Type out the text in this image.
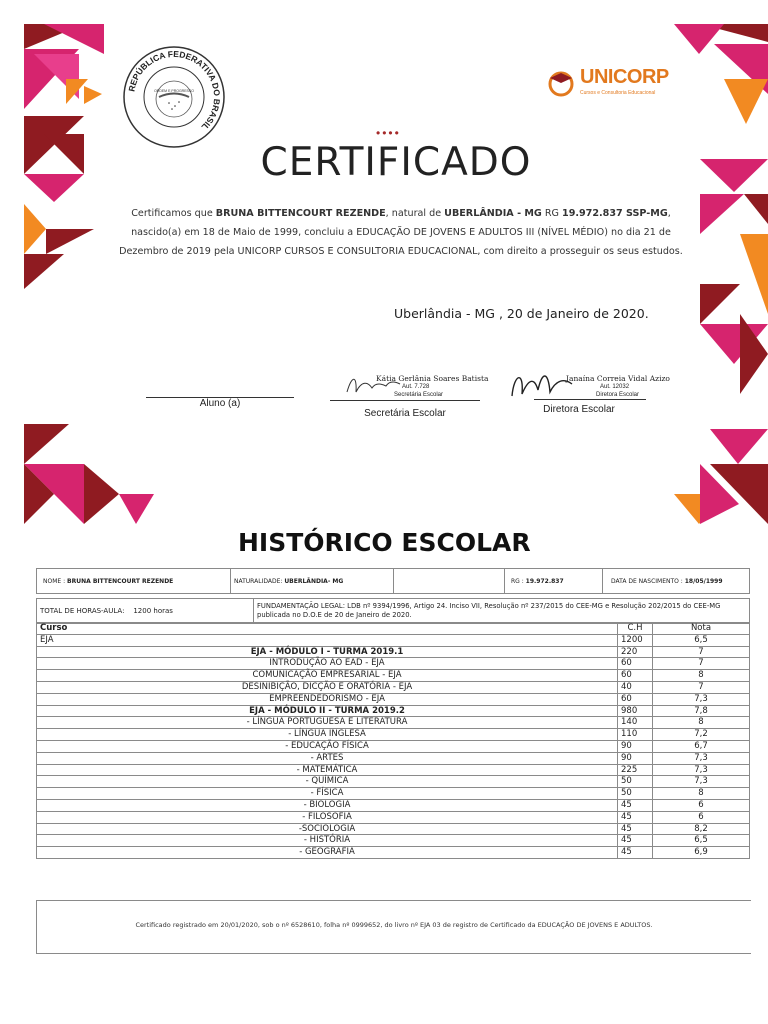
REPÚBLICA FEDERATIVA DO BRASIL
ORDEM E PROGRESSO
UNICORP
Cursos e Consultoria Educacional
••••
CERTIFICADO
Certificamos que BRUNA BITTENCOURT REZENDE, natural de UBERLÂNDIA - MG RG 19.972.837 SSP-MG, nascido(a) em 18 de Maio de 1999, concluiu a EDUCAÇÃO DE JOVENS E ADULTOS III (NÍVEL MÉDIO) no dia 21 de Dezembro de 2019 pela UNICORP CURSOS E CONSULTORIA EDUCACIONAL, com direito a prosseguir os seus estudos.
Uberlândia - MG , 20 de Janeiro de 2020.
Aluno (a)
Kátia Gerlânia Soares Batista
Aut. 7.728
Secretária Escolar
Secretária Escolar
Janaína Correia Vidal Azizo
Aut. 12032
Diretora Escolar
Diretora Escolar
HISTÓRICO ESCOLAR
NOME : BRUNA BITTENCOURT REZENDE	NATURALIDADE: UBERLÂNDIA- MG		RG : 19.972.837	DATA DE NASCIMENTO : 18/05/1999
TOTAL DE HORAS-AULA: 1200 horas	FUNDAMENTAÇÃO LEGAL: LDB nº 9394/1996, Artigo 24. Inciso VII, Resolução nº 237/2015 do CEE-MG e Resolução 202/2015 do CEE-MG publicada no D.O.E de 20 de Janeiro de 2020.
Curso	C.H	Nota
EJA	1200	6,5
EJA - MÓDULO I - TURMA 2019.1	220	7
INTRODUÇÃO AO EAD - EJA	60	7
COMUNICAÇÃO EMPRESARIAL - EJA	60	8
DESINIBIÇÃO, DICÇÃO E ORATÓRIA - EJA	40	7
EMPREENDEDORISMO - EJA	60	7,3
EJA - MÓDULO II - TURMA 2019.2	980	7,8
- LÍNGUA PORTUGUESA E LITERATURA	140	8
- LÍNGUA INGLESA	110	7,2
- EDUCAÇÃO FÍSICA	90	6,7
- ARTES	90	7,3
- MATEMÁTICA	225	7,3
- QUÍMICA	50	7,3
- FÍSICA	50	8
- BIOLOGIA	45	6
- FILOSOFIA	45	6
-SOCIOLOGIA	45	8,2
- HISTÓRIA	45	6,5
- GEOGRAFIA	45	6,9
Certificado registrado em 20/01/2020, sob o nº 6528610, folha nº 0999652, do livro nº EJA 03 de registro de Certificado da EDUCAÇÃO DE JOVENS E ADULTOS.
